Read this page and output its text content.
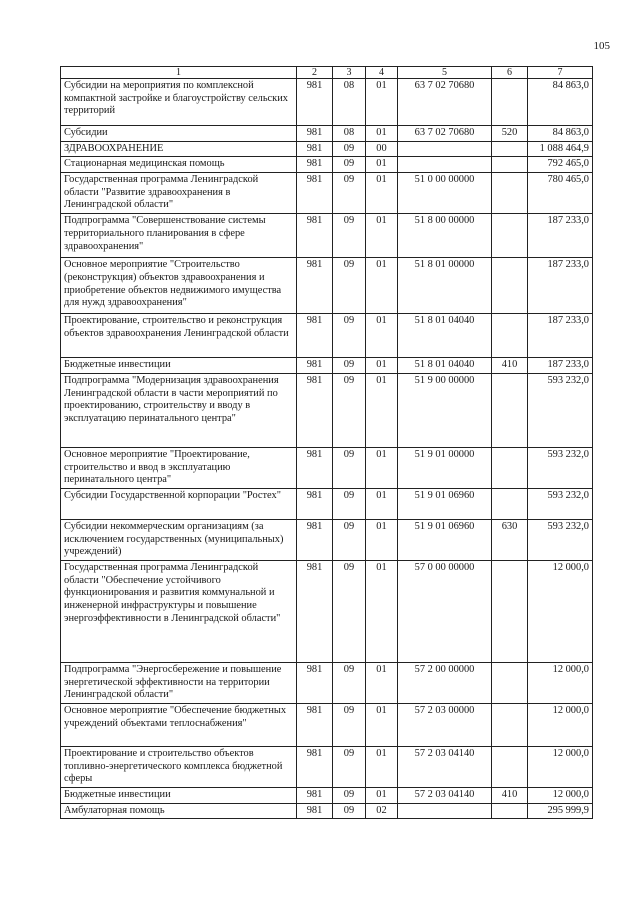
105
1	2	3	4	5	6	7
Субсидии на мероприятия по комплексной компактной застройке и благоустройству сельских территорий	981	08	01	63 7 02 70680		84 863,0
Субсидии	981	08	01	63 7 02 70680	520	84 863,0
ЗДРАВООХРАНЕНИЕ	981	09	00			1 088 464,9
Стационарная медицинская помощь	981	09	01			792 465,0
Государственная программа Ленинградской области "Развитие здравоохранения в Ленинградской области"	981	09	01	51 0 00 00000		780 465,0
Подпрограмма "Совершенствование системы территориального планирования в сфере здравоохранения"	981	09	01	51 8 00 00000		187 233,0
Основное мероприятие "Строительство (реконструкция) объектов здравоохранения и приобретение объектов недвижимого имущества для нужд здравоохранения"	981	09	01	51 8 01 00000		187 233,0
Проектирование, строительство и реконструкция объектов здравоохранения Ленинградской области	981	09	01	51 8 01 04040		187 233,0
Бюджетные инвестиции	981	09	01	51 8 01 04040	410	187 233,0
Подпрограмма "Модернизация здравоохранения Ленинградской области в части мероприятий по проектированию, строительству и вводу в эксплуатацию перинатального центра"	981	09	01	51 9 00 00000		593 232,0
Основное мероприятие "Проектирование, строительство и ввод в эксплуатацию перинатального центра"	981	09	01	51 9 01 00000		593 232,0
Субсидии Государственной корпорации "Ростех"	981	09	01	51 9 01 06960		593 232,0
Субсидии некоммерческим организациям (за исключением государственных (муниципальных) учреждений)	981	09	01	51 9 01 06960	630	593 232,0
Государственная программа Ленинградской области "Обеспечение устойчивого функционирования и развития коммунальной и инженерной инфраструктуры и повышение энергоэффективности в Ленинградской области"	981	09	01	57 0 00 00000		12 000,0
Подпрограмма "Энергосбережение и повышение энергетической эффективности на территории Ленинградской области"	981	09	01	57 2 00 00000		12 000,0
Основное мероприятие "Обеспечение бюджетных учреждений объектами теплоснабжения"	981	09	01	57 2 03 00000		12 000,0
Проектирование и строительство объектов топливно-энергетического комплекса бюджетной сферы	981	09	01	57 2 03 04140		12 000,0
Бюджетные инвестиции	981	09	01	57 2 03 04140	410	12 000,0
Амбулаторная помощь	981	09	02			295 999,9
